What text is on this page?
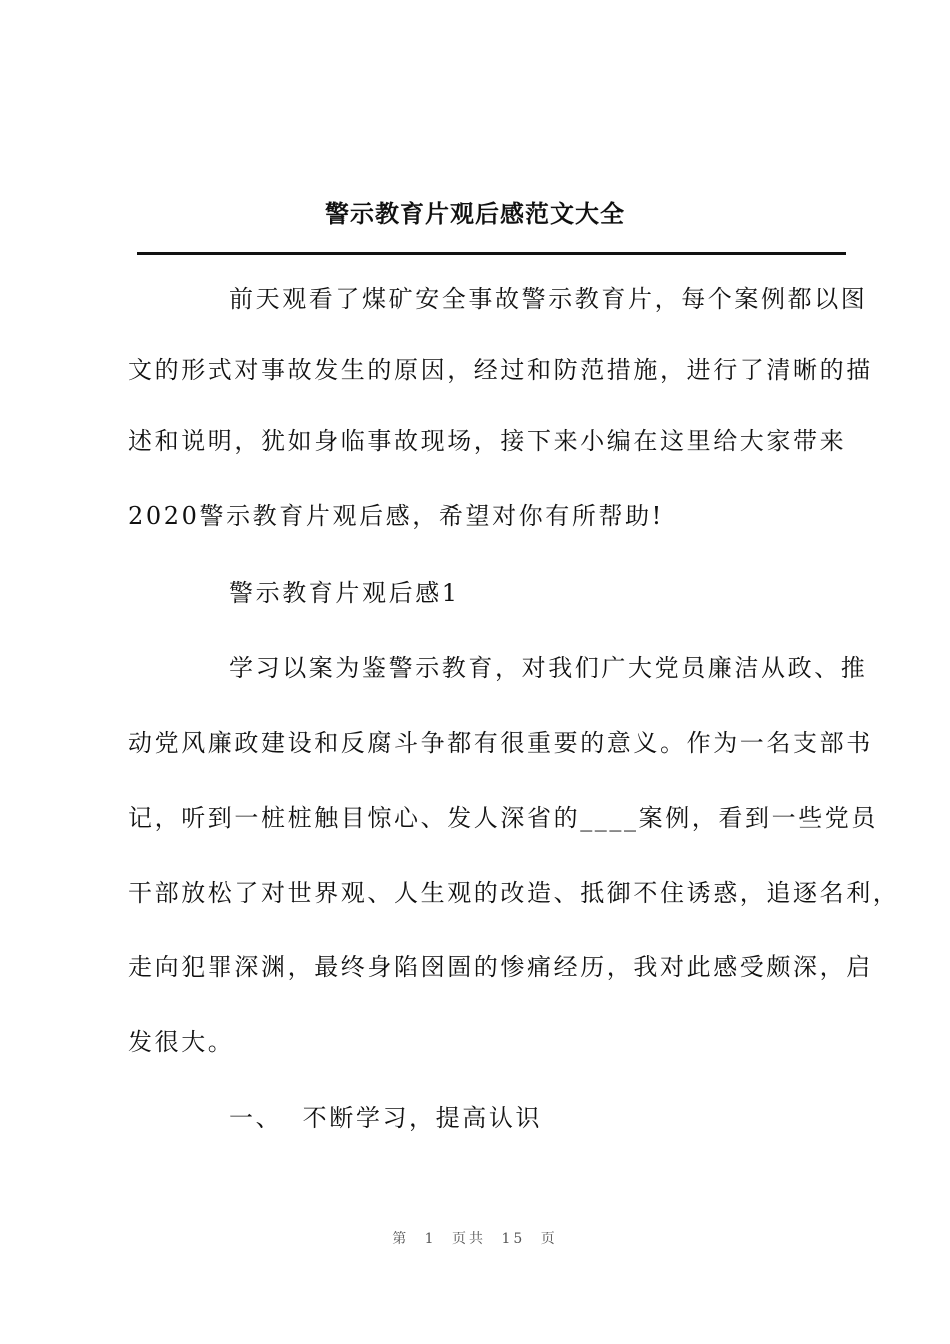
警示教育片观后感范文大全

前天观看了煤矿安全事故警示教育片，每个案例都以图

文的形式对事故发生的原因，经过和防范措施，进行了清晰的描

述和说明，犹如身临事故现场，接下来小编在这里给大家带来

2020警示教育片观后感，希望对你有所帮助!

警示教育片观后感1

学习以案为鉴警示教育，对我们广大党员廉洁从政、推

动党风廉政建设和反腐斗争都有很重要的意义。作为一名支部书

记，听到一桩桩触目惊心、发人深省的____案例，看到一些党员

干部放松了对世界观、人生观的改造、抵御不住诱惑，追逐名利，

走向犯罪深渊，最终身陷囹圄的惨痛经历，我对此感受颇深，启

发很大。

一、  不断学习，提高认识

第 1 页共 15 页
